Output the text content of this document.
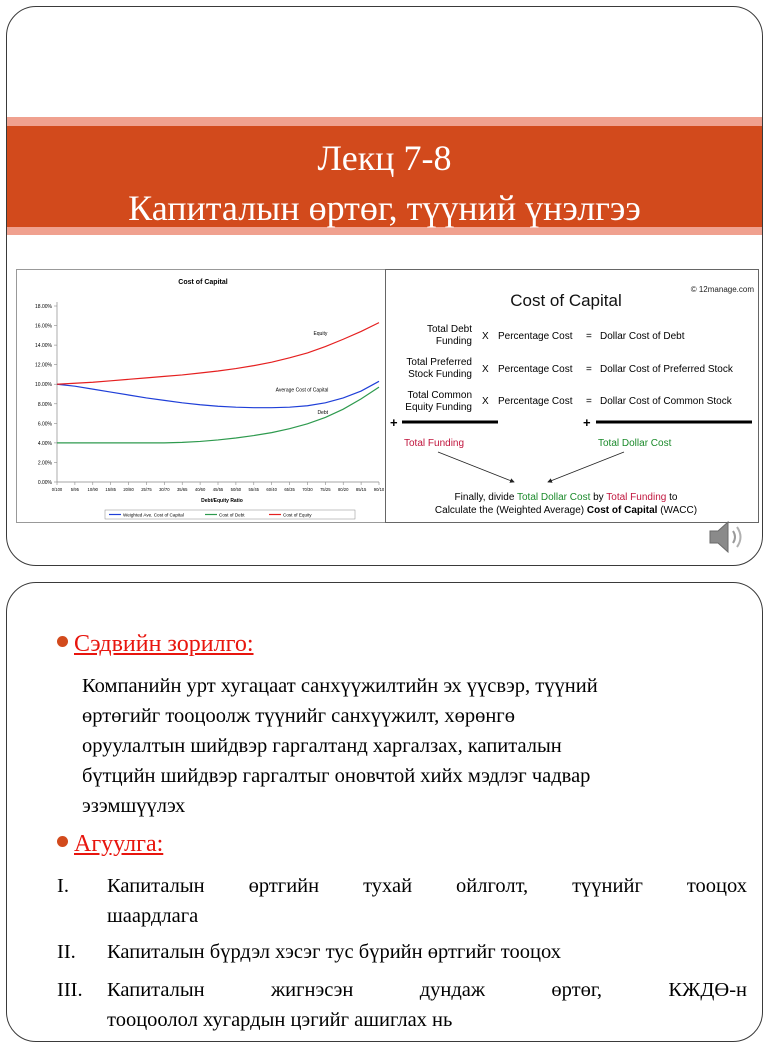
Лекц 7-8
Капиталын өртөг, түүний үнэлгээ
Cost of Capital
0.00%
2.00%
4.00%
6.00%
8.00%
10.00%
12.00%
14.00%
16.00%
18.00%
0/100 5/95 10/90 15/85 20/80 25/75 30/70 35/65 40/60 45/55 50/50 55/45 60/40 65/35 70/30 75/25 80/20 85/15 90/10
Average Cost of Capital
Debt
Equity
Debt/Equity Ratio
Weighted Ave. Cost of Capital	Cost of Debt	Cost of Equity
© 12manage.com
Cost of Capital
Total Debt
Funding X Percentage Cost = Dollar Cost of Debt
Total Preferred
Stock Funding X Percentage Cost = Dollar Cost of Preferred Stock
Total Common
Equity Funding
X Percentage Cost = Dollar Cost of Common Stock
+	+
Total Funding	Total Dollar Cost
Finally, divide Total Dollar Cost by Total Funding to
Calculate the (Weighted Average) Cost of Capital (WACC)
Сэдвийн зорилго:
Компанийн урт хугацаат санхүүжилтийн эх үүсвэр, түүний
өртөгийг тооцоолж түүнийг санхүүжилт, хөрөнгө
оруулалтын шийдвэр гаргалтанд харгалзах, капиталын
бүтцийн шийдвэр гаргалтыг оновчтой хийх мэдлэг чадвар
эзэмшүүлэх
Агуулга:
I.	Капиталын өртгийн тухай ойлголт, түүнийг тооцох
шаардлага
II.	Капиталын бүрдэл хэсэг тус бүрийн өртгийг тооцох
III.	Капиталын жигнэсэн дундаж өртөг, КЖДӨ-н
тооцоолол хугардын цэгийг ашиглах нь
